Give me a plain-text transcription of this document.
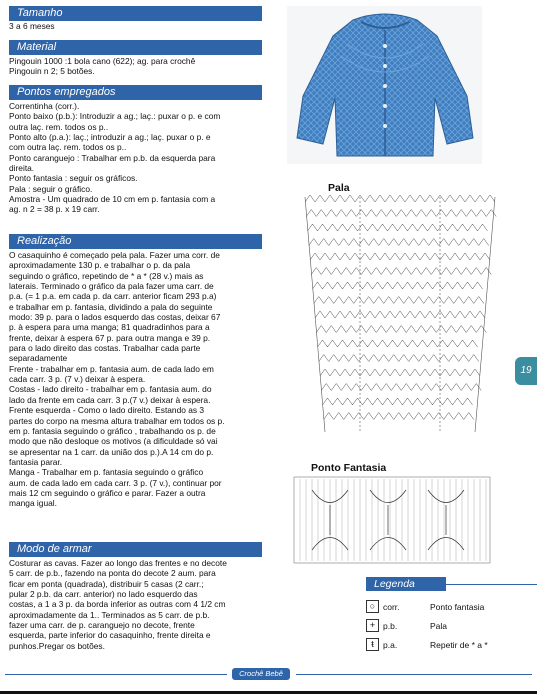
Tamanho
3 a 6 meses
Material
Pingouin 1000 :1 bola cano (622); ag. para crochê
Pingouin n 2; 5 botões.
Pontos empregados
Correntinha (corr.).
Ponto baixo (p.b.): Introduzir a ag.; laç.: puxar o p. e com
outra laç. rem. todos os p..
Ponto alto (p.a.): laç.; introduzir a ag.; laç. puxar o p. e
com outra laç. rem. todos os p..
Ponto caranguejo : Trabalhar em p.b. da esquerda para
direita.
Ponto fantasia : seguir os gráficos.
Pala : seguir o gráfico.
Amostra - Um quadrado de 10 cm em p. fantasia com a
ag. n 2 = 38 p. x 19 carr.
Realização
O casaquinho é começado pela pala. Fazer uma corr. de
aproximadamente 130 p. e trabalhar o p. da pala
seguindo o gráfico, repetindo de * a * (28 v.) mais as
laterais. Terminado o gráfico da pala fazer uma carr. de
p.a. (= 1 p.a. em cada p. da carr. anterior ficam 293 p.a)
e trabalhar em p. fantasia, dividindo a pala do seguinte
modo: 39 p. para o lados esquerdo das costas, deixar 67
p. à espera para uma manga; 81 quadradinhos para a
frente, deixar à espera 67 p. para outra manga e 39 p.
para o lado direito das costas. Trabalhar cada parte
separadamente
Frente - trabalhar em p. fantasia aum. de cada lado em
cada carr. 3 p. (7 v.) deixar à espera.
Costas - lado direito - trabalhar em p. fantasia aum. do
lado da frente em cada carr. 3 p.(7 v.) deixar à espera.
Frente esquerda - Como o lado direito. Estando as 3
partes do corpo na mesma altura trabalhar em todos os p.
em p. fantasia seguindo o gráfico , trabalhando os p. de
modo que não desloque os motivos (a dificuldade só vai
se apresentar na 1 carr. da união dos p.).A 14 cm do p.
fantasia parar.
Manga - Trabalhar em p. fantasia seguindo o gráfico
aum. de cada lado em cada carr. 3 p. (7 v.), continuar por
mais 12 cm seguindo o gráfico e parar. Fazer a outra
manga igual.
Modo de armar
Costurar as cavas. Fazer ao longo das frentes e no decote
5 carr. de p.b., fazendo na ponta do decote 2 aum. para
ficar em ponta (quadrada), distribuir 5 casas (2 carr.;
pular 2 p.b. da carr. anterior) no lado esquerdo das
costas, a 1 a 3 p. da borda inferior as outras com 4 1/2 cm
aproximadamente da 1.. Terminados as 5 carr. de p.b.
fazer uma carr. de p. caranguejo no decote, frente
esquerda, parte inferior do casaquinho, frente direita e
punhos.Pregar os botões.
Pala
19
Ponto Fantasia
Legenda
○ corr.	Ponto fantasia
+ p.b.	Pala
ŧ	p.a.	Repetir de * a *
Crochê Bebê
